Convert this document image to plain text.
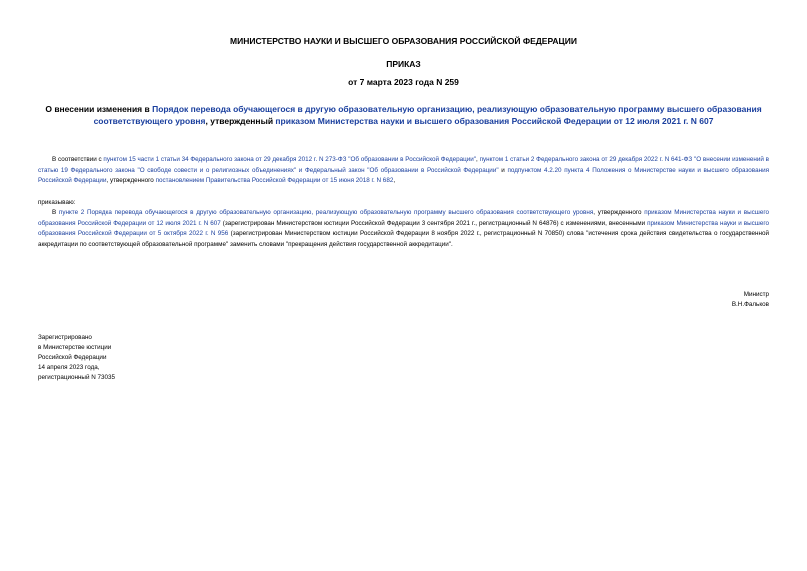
МИНИСТЕРСТВО НАУКИ И ВЫСШЕГО ОБРАЗОВАНИЯ РОССИЙСКОЙ ФЕДЕРАЦИИ
ПРИКАЗ
от 7 марта 2023 года N 259
О внесении изменения в Порядок перевода обучающегося в другую образовательную организацию, реализующую образовательную программу высшего образования соответствующего уровня, утвержденный приказом Министерства науки и высшего образования Российской Федерации от 12 июля 2021 г. N 607
В соответствии с пунктом 15 части 1 статьи 34 Федерального закона от 29 декабря 2012 г. N 273-ФЗ "Об образовании в Российской Федерации", пунктом 1 статьи 2 Федерального закона от 29 декабря 2022 г. N 641-ФЗ "О внесении изменений в статью 19 Федерального закона "О свободе совести и о религиозных объединениях" и Федеральный закон "Об образовании в Российской Федерации" и подпунктом 4.2.20 пункта 4 Положения о Министерстве науки и высшего образования Российской Федерации, утвержденного постановлением Правительства Российской Федерации от 15 июня 2018 г. N 682,
приказываю:
В пункте 2 Порядка перевода обучающегося в другую образовательную организацию, реализующую образовательную программу высшего образования соответствующего уровня, утвержденного приказом Министерства науки и высшего образования Российской Федерации от 12 июля 2021 г. N 607 (зарегистрирован Министерством юстиции Российской Федерации 3 сентября 2021 г., регистрационный N 64876) с изменениями, внесенными приказом Министерства науки и высшего образования Российской Федерации от 5 октября 2022 г. N 956 (зарегистрирован Министерством юстиции Российской Федерации 8 ноября 2022 г., регистрационный N 70850) слова "истечения срока действия свидетельства о государственной аккредитации по соответствующей образовательной программе" заменить словами "прекращения действия государственной аккредитации".
Министр
В.Н.Фальков
Зарегистрировано
в Министерстве юстиции
Российской Федерации
14 апреля 2023 года,
регистрационный N 73035
